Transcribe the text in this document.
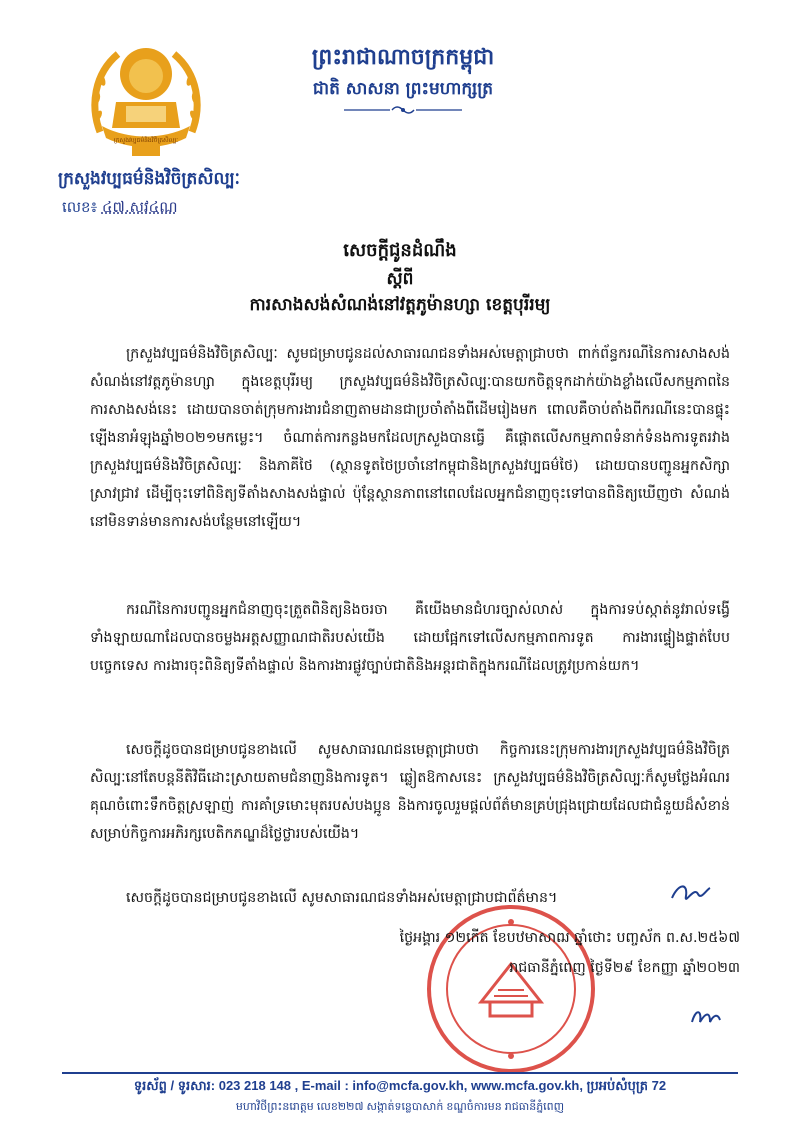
ក្រសួងវប្បធម៌និងវិចិត្រសិល្បៈ
ព្រះរាជាណាចក្រកម្ពុជា
ជាតិ សាសនា ព្រះមហាក្សត្រ
ក្រសួងវប្បធម៌និងវិចិត្រសិល្បៈ
លេខ៖ ៤៧.សវ៤ណ
សេចក្តីជូនដំណឹង
ស្តីពី
ការសាងសង់សំណង់នៅវត្តភូម៉ានហ្សា ខេត្តបុរីរម្យ

ក្រសួងវប្បធម៌និងវិចិត្រសិល្បៈ សូមជម្រាបជូនដល់សាធារណជនទាំងអស់មេត្តាជ្រាបថា ពាក់ព័ន្ធករណីនៃការសាងសង់សំណង់នៅវត្តភូម៉ានហ្សា ក្នុងខេត្តបុរីរម្យ ក្រសួងវប្បធម៌និងវិចិត្រសិល្បៈបានយកចិត្តទុកដាក់យ៉ាងខ្លាំងលើសកម្មភាពនៃការសាងសង់នេះ ដោយបានចាត់ក្រុមការងារជំនាញតាមដានជាប្រចាំតាំងពីដើមរៀងមក ពោលគឺចាប់តាំងពីករណីនេះបានផ្ទុះឡើងនាអំឡុងឆ្នាំ២០២១មកម្លេះ។ ចំណាត់ការកន្លងមកដែលក្រសួងបានធ្វើ គឺផ្តោតលើសកម្មភាពទំនាក់ទំនងការទូតរវាងក្រសួងវប្បធម៌និងវិចិត្រសិល្បៈ និងភាគីថៃ (ស្ថានទូតថៃប្រចាំនៅកម្ពុជានិងក្រសួងវប្បធម៌ថៃ) ដោយបានបញ្ជូនអ្នកសិក្សាស្រាវជ្រាវ ដើម្បីចុះទៅពិនិត្យទីតាំងសាងសង់ផ្ទាល់ ប៉ុន្តែស្ថានភាពនៅពេលដែលអ្នកជំនាញចុះទៅបានពិនិត្យឃើញថា សំណង់នៅមិនទាន់មានការសង់បន្ថែមនៅឡើយ។

ករណីនៃការបញ្ជូនអ្នកជំនាញចុះត្រួតពិនិត្យនិងចរចា គឺយើងមានជំហរច្បាស់លាស់ ក្នុងការទប់ស្កាត់នូវរាល់ទង្វើទាំងឡាយណាដែលបានចម្លងអត្តសញ្ញាណជាតិរបស់យើង ដោយផ្អែកទៅលើសកម្មភាពការទូត ការងារផ្ទៀងផ្ទាត់បែបបច្ចេកទេស ការងារចុះពិនិត្យទីតាំងផ្ទាល់ និងការងារផ្លូវច្បាប់ជាតិនិងអន្តរជាតិក្នុងករណីដែលត្រូវប្រកាន់យក។

សេចក្តីដូចបានជម្រាបជូនខាងលើ សូមសាធារណជនមេត្តាជ្រាបថា កិច្ចការនេះក្រុមការងារក្រសួងវប្បធម៌និងវិចិត្រសិល្បៈនៅតែបន្តនីតិវិធីដោះស្រាយតាមជំនាញនិងការទូត។ ឆ្លៀតឱកាសនេះ ក្រសួងវប្បធម៌និងវិចិត្រសិល្បៈក៏សូមថ្លែងអំណរគុណចំពោះទឹកចិត្តស្រឡាញ់ ការគាំទ្រមោះមុតរបស់បងប្អូន និងការចូលរួមផ្តល់ព័ត៌មានគ្រប់ជ្រុងជ្រោយដែលជាជំនួយដ៏សំខាន់សម្រាប់កិច្ចការអភិរក្សបេតិកភណ្ឌដ៏ថ្លៃថ្លារបស់យើង។

សេចក្តីដូចបានជម្រាបជូនខាងលើ សូមសាធារណជនទាំងអស់មេត្តាជ្រាបជាព័ត៌មាន។

ថ្ងៃអង្គារ ១២កើត ខែបឋមាសាឍ ឆ្នាំថោះ បញ្ចស័ក ព.ស.២៥៦៧
រាជធានីភ្នំពេញ ថ្ងៃទី២៩ ខែកញ្ញា ឆ្នាំ២០២៣
ទូរស័ព្ទ / ទូរសារ: 023 218 148 , E-mail : info@mcfa.gov.kh, www.mcfa.gov.kh, ប្រអប់សំបុត្រ 72
មហាវិថីព្រះនរោត្តម លេខ២២៧ សង្កាត់ទន្លេបាសាក់ ខណ្ឌចំការមន រាជធានីភ្នំពេញ
